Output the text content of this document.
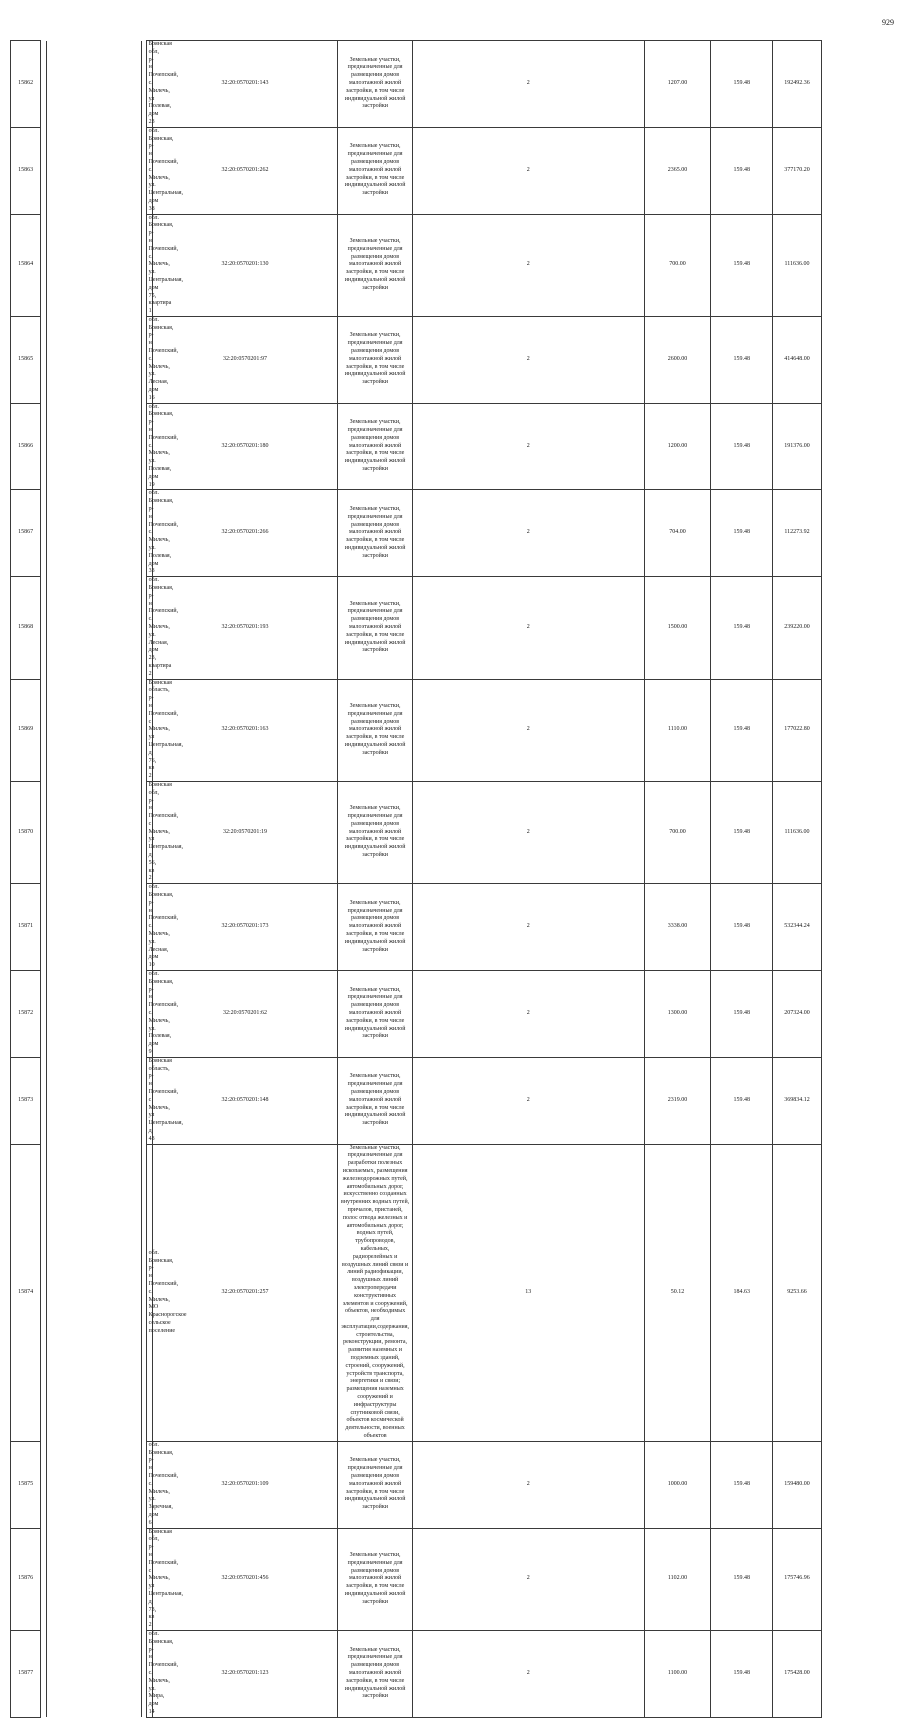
929
15862				Брянская обл, р-н Почепский, с. Милечь, ул Полевая, дом 23	32:20:0570201:143	Земельные участки, предназначенные для размещения домов малоэтажной жилой застройки, в том числе индивидуальной жилой застройки	2	1207.00	159.48	192492.36
15863				обл. Брянская, р-н Почепский, с. Милечь, ул. Центральная, дом 38	32:20:0570201:262	Земельные участки, предназначенные для размещения домов малоэтажной жилой застройки, в том числе индивидуальной жилой застройки	2	2365.00	159.48	377170.20
15864				обл. Брянская, р-н Почепский, с. Милечь, ул. Центральная, дом 75, квартира 1	32:20:0570201:130	Земельные участки, предназначенные для размещения домов малоэтажной жилой застройки, в том числе индивидуальной жилой застройки	2	700.00	159.48	111636.00
15865				обл. Брянская, р-н Почепский, с. Милечь, ул. Лесная, дом 16	32:20:0570201:97	Земельные участки, предназначенные для размещения домов малоэтажной жилой застройки, в том числе индивидуальной жилой застройки	2	2600.00	159.48	414648.00
15866				обл. Брянская, р-н Почепский, с. Милечь, ул. Полевая, дом 19	32:20:0570201:180	Земельные участки, предназначенные для размещения домов малоэтажной жилой застройки, в том числе индивидуальной жилой застройки	2	1200.00	159.48	191376.00
15867				обл. Брянская, р-н Почепский, с. Милечь, ул. Полевая, дом 33	32:20:0570201:266	Земельные участки, предназначенные для размещения домов малоэтажной жилой застройки, в том числе индивидуальной жилой застройки	2	704.00	159.48	112273.92
15868				обл. Брянская, р-н Почепский, с. Милечь, ул. Лесная, дом 23, квартира 2	32:20:0570201:193	Земельные участки, предназначенные для размещения домов малоэтажной жилой застройки, в том числе индивидуальной жилой застройки	2	1500.00	159.48	239220.00
15869				Брянская область, р-н Почепский, с Милечь, ул Центральная, д 76, кв 2	32:20:0570201:163	Земельные участки, предназначенные для размещения домов малоэтажной жилой застройки, в том числе индивидуальной жилой застройки	2	1110.00	159.48	177022.80
15870				Брянская обл, р-н Почепский, с Милечь, ул Центральная, д 56, кв 2	32:20:0570201:19	Земельные участки, предназначенные для размещения домов малоэтажной жилой застройки, в том числе индивидуальной жилой застройки	2	700.00	159.48	111636.00
15871				обл. Брянская, р-н Почепский, с. Милечь, ул. Лесная, дом 10	32:20:0570201:173	Земельные участки, предназначенные для размещения домов малоэтажной жилой застройки, в том числе индивидуальной жилой застройки	2	3338.00	159.48	532344.24
15872				обл. Брянская, р-н Почепский, с. Милечь, ул. Полевая, дом 9	32:20:0570201:62	Земельные участки, предназначенные для размещения домов малоэтажной жилой застройки, в том числе индивидуальной жилой застройки	2	1300.00	159.48	207324.00
15873				Брянская область, р-н Почепский, с Милечь, ул Центральная, д 43	32:20:0570201:148	Земельные участки, предназначенные для размещения домов малоэтажной жилой застройки, в том числе индивидуальной жилой застройки	2	2319.00	159.48	369834.12
15874				обл. Брянская, р-н Почепский, с. Милечь, МО Краснорогское сельское поселение	32:20:0570201:257	Земельные участки, предназначенные для разработки полезных ископаемых, размещения железнодорожных путей, автомобильных дорог, искусственно созданных внутренних водных путей, причалов, пристаней, полос отвода железных и автомобильных дорог, водных путей, трубопроводов, кабельных, радиорелейных и воздушных линий связи и линий радиофикации, воздушных линий электропередачи конструктивных элементов и сооружений, объектов, необходимых для эксплуатации,содержания, строительства, реконструкции, ремонта, развития наземных и подземных зданий, строений, сооружений, устройств транспорта, энергетики и связи; размещения наземных сооружений и инфраструктуры спутниковой связи, объектов космической деятельности, военных объектов	13	50.12	184.63	9253.66
15875				обл. Брянская, р-н Почепский, с. Милечь, ул. Заречная, дом 6	32:20:0570201:109	Земельные участки, предназначенные для размещения домов малоэтажной жилой застройки, в том числе индивидуальной жилой застройки	2	1000.00	159.48	159480.00
15876				Брянская обл, р-н Почепский, с Милечь, ул Центральная, д 73, кв 2	32:20:0570201:456	Земельные участки, предназначенные для размещения домов малоэтажной жилой застройки, в том числе индивидуальной жилой застройки	2	1102.00	159.48	175746.96
15877				обл. Брянская, р-н Почепский, с. Милечь, ул. Мира, дом 14	32:20:0570201:123	Земельные участки, предназначенные для размещения домов малоэтажной жилой застройки, в том числе индивидуальной жилой застройки	2	1100.00	159.48	175428.00
